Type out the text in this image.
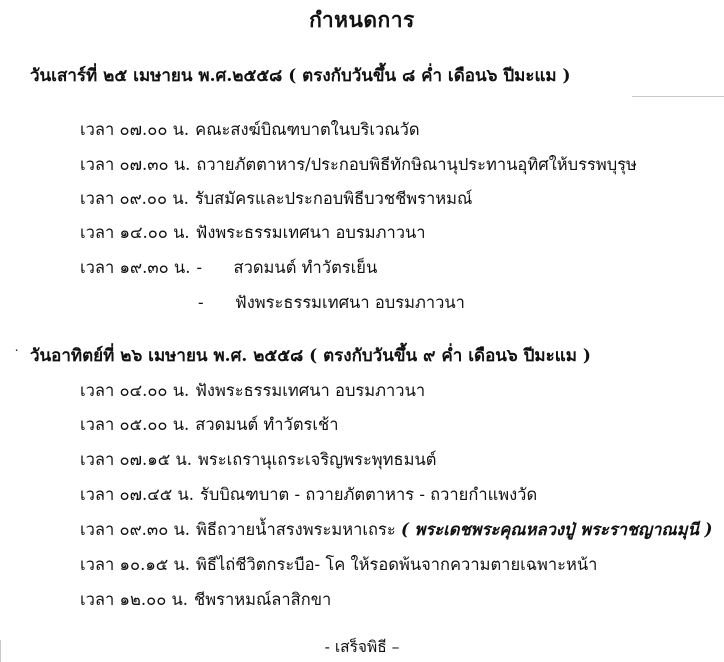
กำหนดการ
วันเสาร์ที่ ๒๕ เมษายน พ.ศ.๒๕๕๘ ( ตรงกับวันขึ้น ๘ ค่ำ เดือน๖ ปีมะแม )
เวลา ๐๗.๐๐ น. คณะสงฆ์บิณฑบาตในบริเวณวัด
เวลา ๐๗.๓๐ น. ถวายภัตตาหาร/ประกอบพิธีทักษิณานุประทานอุทิศให้บรรพบุรุษ
เวลา ๐๙.๐๐ น. รับสมัครและประกอบพิธีบวชชีพราหมณ์
เวลา ๑๔.๐๐ น. ฟังพระธรรมเทศนา อบรมภาวนา
เวลา ๑๙.๓๐ น. -      สวดมนต์ ทำวัตรเย็น
-      ฟังพระธรรมเทศนา อบรมภาวนา
วันอาทิตย์ที่ ๒๖ เมษายน พ.ศ. ๒๕๕๘ ( ตรงกับวันขึ้น ๙ ค่ำ เดือน๖ ปีมะแม )
เวลา ๐๔.๐๐ น. ฟังพระธรรมเทศนา อบรมภาวนา
เวลา ๐๕.๐๐ น. สวดมนต์ ทำวัตรเช้า
เวลา ๐๗.๑๕ น. พระเถรานุเถระเจริญพระพุทธมนต์
เวลา ๐๗.๔๕ น. รับบิณฑบาต - ถวายภัตตาหาร - ถวายกำแพงวัด
เวลา ๐๙.๓๐ น. พิธีถวายน้ำสรงพระมหาเถระ ( พระเดชพระคุณหลวงปู่ พระราชญาณมุนี )
เวลา ๑๐.๑๕ น. พิธีไถ่ชีวิตกระบือ- โค ให้รอดพ้นจากความตายเฉพาะหน้า
เวลา ๑๒.๐๐ น. ชีพราหมณ์ลาสิกขา
- เสร็จพิธี –
